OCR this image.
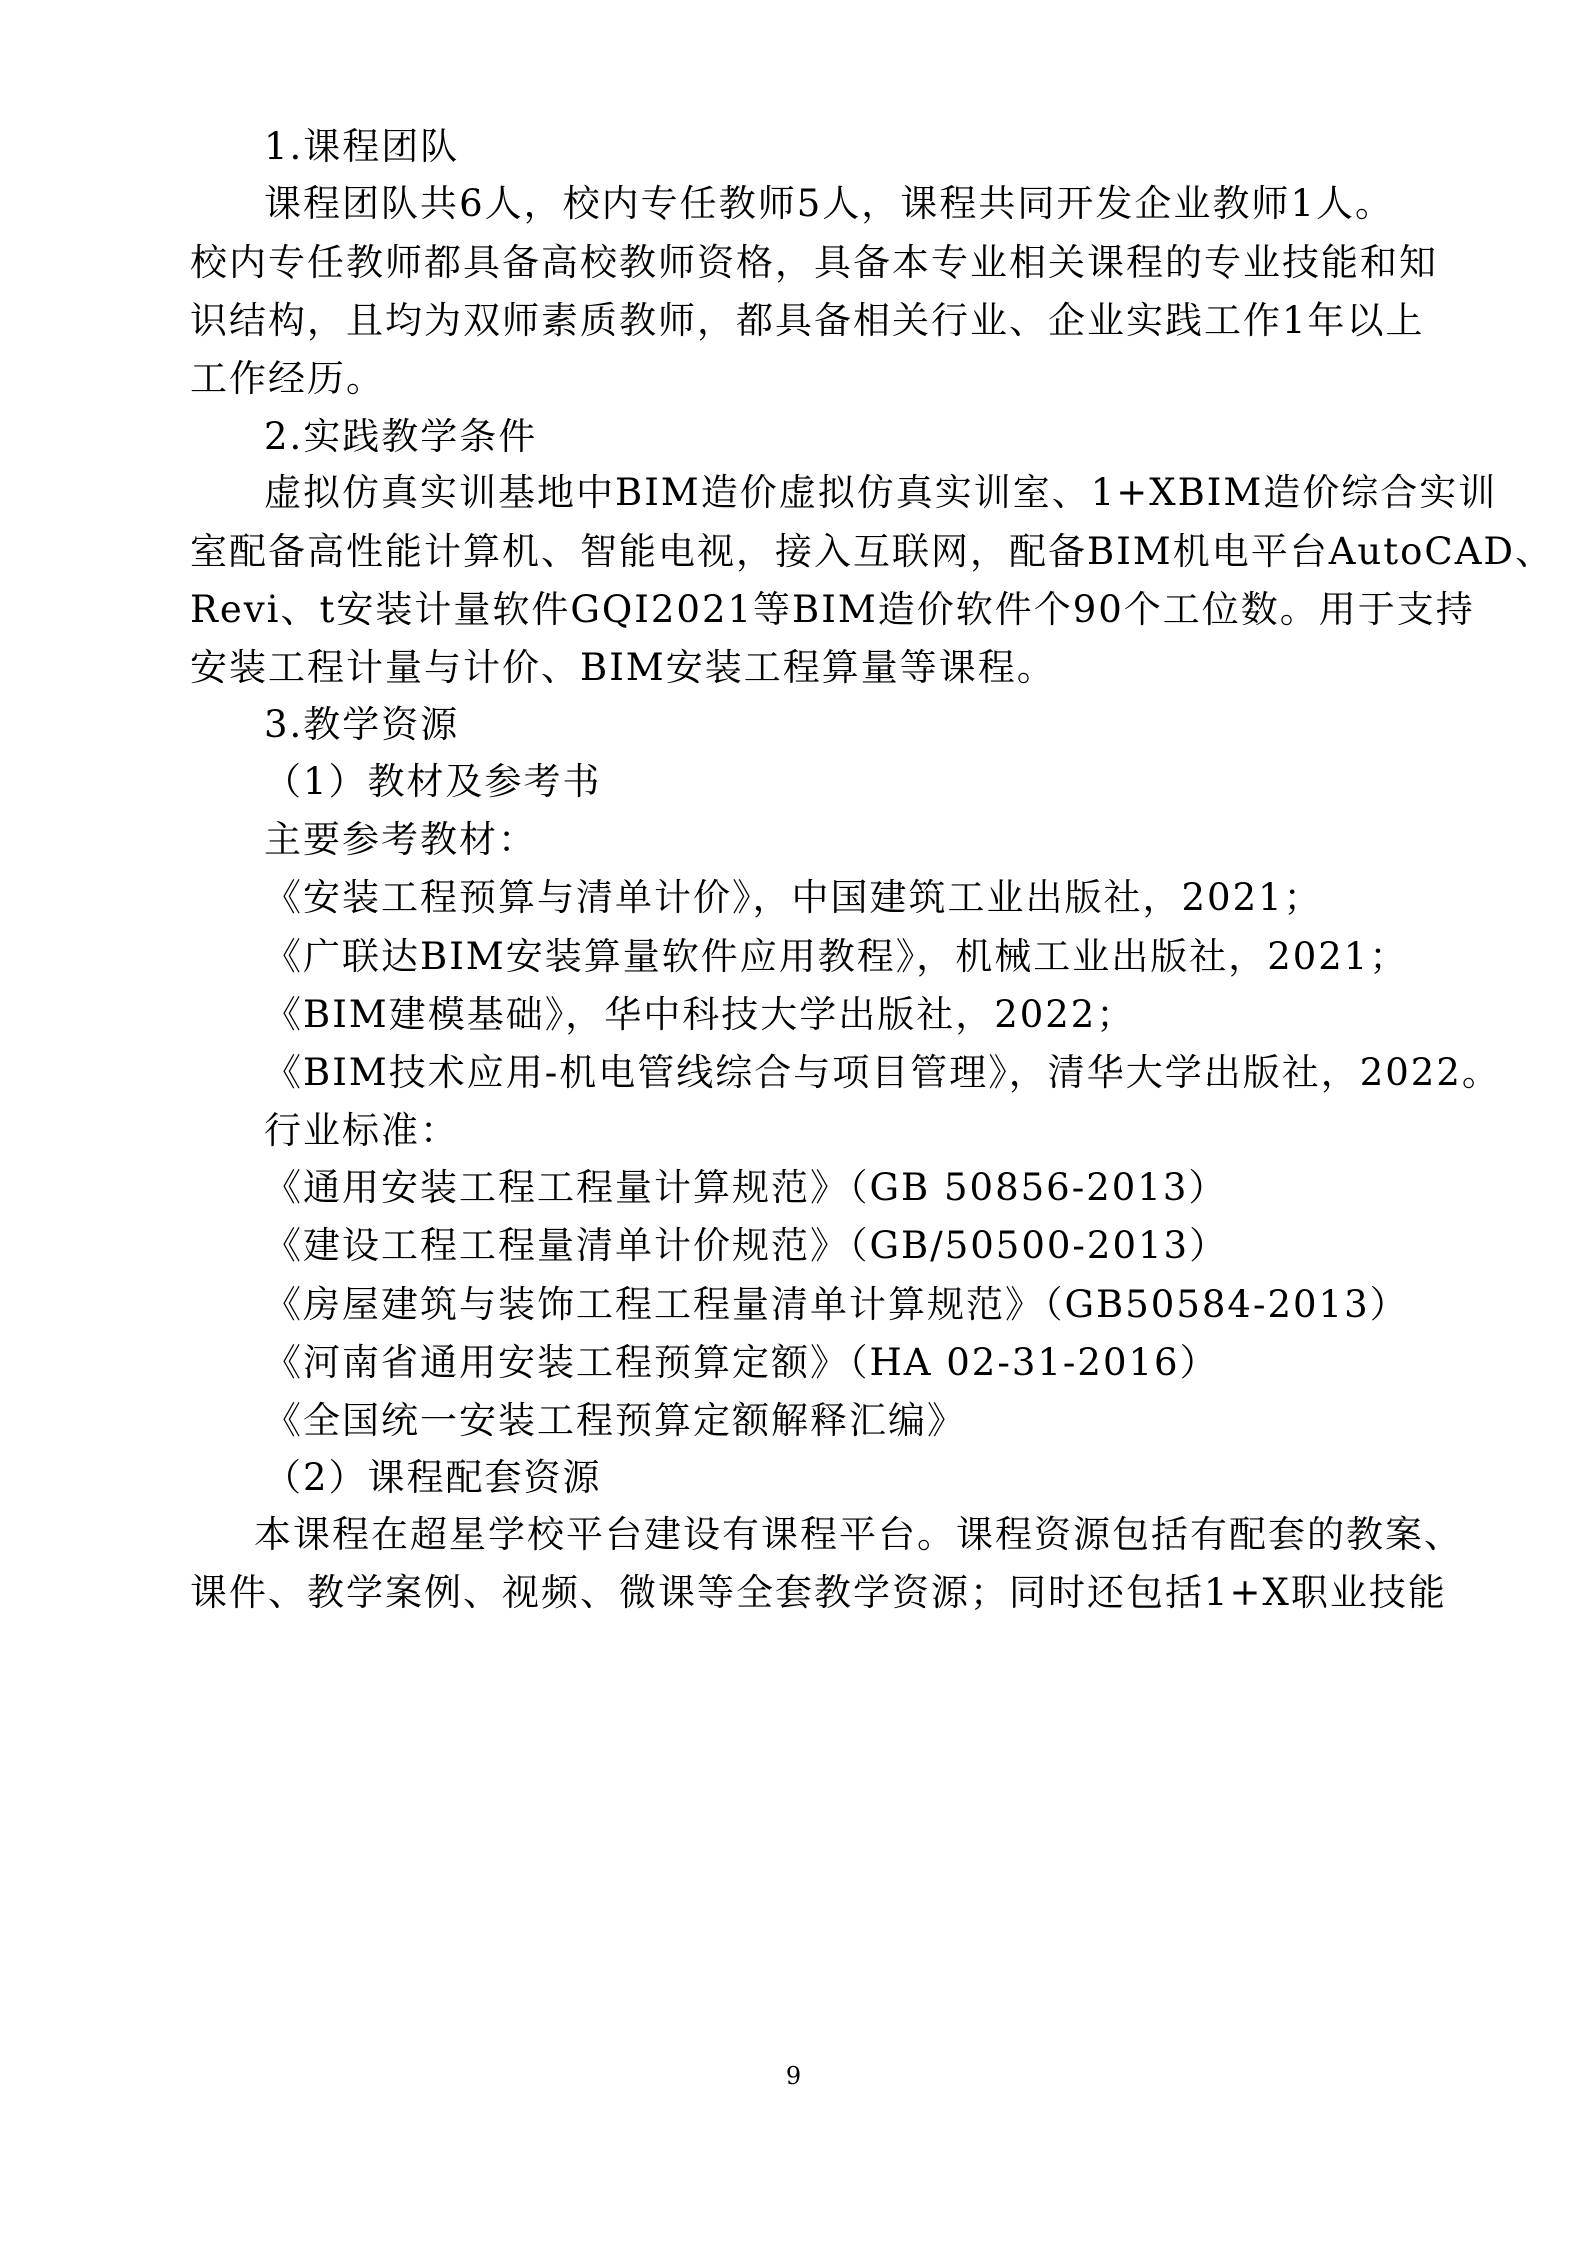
1.课程团队
课程团队共6人，校内专任教师5人，课程共同开发企业教师1人。
校内专任教师都具备高校教师资格，具备本专业相关课程的专业技能和知
识结构，且均为双师素质教师，都具备相关行业、企业实践工作1年以上
工作经历。
2.实践教学条件
虚拟仿真实训基地中BIM造价虚拟仿真实训室、1+XBIM造价综合实训
室配备高性能计算机、智能电视，接入互联网，配备BIM机电平台AutoCAD、
Revi、t安装计量软件GQI2021等BIM造价软件个90个工位数。用于支持
安装工程计量与计价、BIM安装工程算量等课程。
3.教学资源
（1）教材及参考书
主要参考教材：
《安装工程预算与清单计价》，中国建筑工业出版社，2021；
《广联达BIM安装算量软件应用教程》，机械工业出版社，2021；
《BIM建模基础》，华中科技大学出版社，2022；
《BIM技术应用-机电管线综合与项目管理》，清华大学出版社，2022。
行业标准：
《通用安装工程工程量计算规范》（GB 50856-2013）
《建设工程工程量清单计价规范》（GB/50500-2013）
《房屋建筑与装饰工程工程量清单计算规范》（GB50584-2013）
《河南省通用安装工程预算定额》（HA 02-31-2016）
《全国统一安装工程预算定额解释汇编》
（2）课程配套资源
本课程在超星学校平台建设有课程平台。课程资源包括有配套的教案、
课件、教学案例、视频、微课等全套教学资源；同时还包括1+X职业技能
9
